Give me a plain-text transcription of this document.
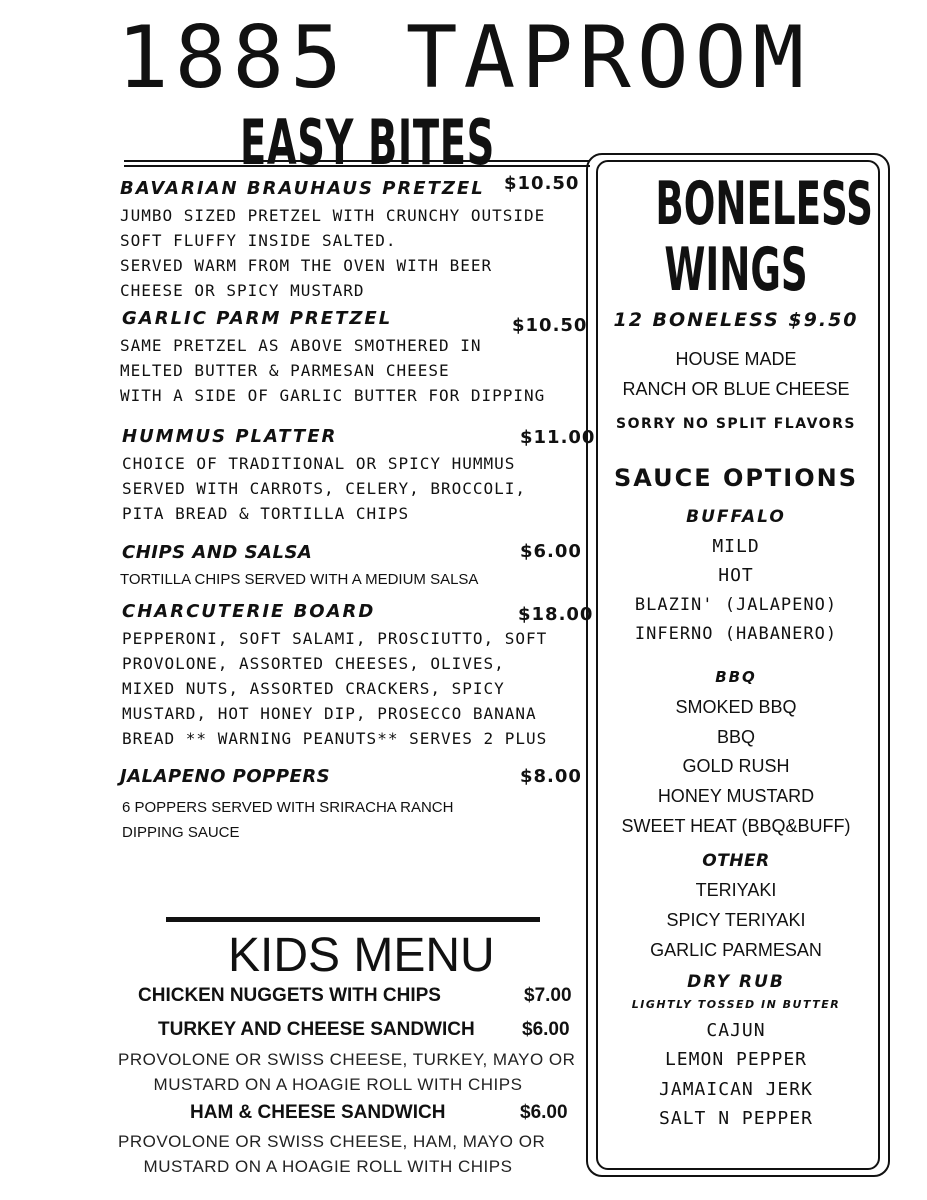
1885 TAPROOM
EASY BITES
BAVARIAN BRAUHAUS PRETZEL $10.50
JUMBO SIZED PRETZEL WITH CRUNCHY OUTSIDE
SOFT FLUFFY INSIDE SALTED.
SERVED WARM FROM THE OVEN WITH BEER
CHEESE OR SPICY MUSTARD
GARLIC PARM PRETZEL	$10.50
SAME PRETZEL AS ABOVE SMOTHERED IN
MELTED BUTTER & PARMESAN CHEESE
WITH A SIDE OF GARLIC BUTTER FOR DIPPING
HUMMUS PLATTER	$11.00
CHOICE OF TRADITIONAL OR SPICY HUMMUS
SERVED WITH CARROTS, CELERY, BROCCOLI,
PITA BREAD & TORTILLA CHIPS
CHIPS AND SALSA	$6.00
TORTILLA CHIPS SERVED WITH A MEDIUM SALSA
CHARCUTERIE BOARD	$18.00
PEPPERONI, SOFT SALAMI, PROSCIUTTO, SOFT
PROVOLONE, ASSORTED CHEESES, OLIVES,
MIXED NUTS, ASSORTED CRACKERS, SPICY
MUSTARD, HOT HONEY DIP, PROSECCO BANANA
BREAD ** WARNING PEANUTS** SERVES 2 PLUS
JALAPENO POPPERS	$8.00
6 POPPERS SERVED WITH SRIRACHA RANCH
DIPPING SAUCE
KIDS MENU
CHICKEN NUGGETS WITH CHIPS	$7.00
TURKEY AND CHEESE SANDWICH $6.00
PROVOLONE OR SWISS CHEESE, TURKEY, MAYO OR
MUSTARD ON A HOAGIE ROLL WITH CHIPS
HAM & CHEESE SANDWICH	$6.00
PROVOLONE OR SWISS CHEESE, HAM, MAYO OR
MUSTARD ON A HOAGIE ROLL WITH CHIPS
BONELESS
WINGS
12 BONELESS $9.50
HOUSE MADE
RANCH OR BLUE CHEESE
SORRY NO SPLIT FLAVORS
SAUCE OPTIONS
BUFFALO
MILD
HOT
BLAZIN' (JALAPENO)
INFERNO (HABANERO)
BBQ
SMOKED BBQ
BBQ
GOLD RUSH
HONEY MUSTARD
SWEET HEAT (BBQ&BUFF)
OTHER
TERIYAKI
SPICY TERIYAKI
GARLIC PARMESAN
DRY RUB
LIGHTLY TOSSED IN BUTTER
CAJUN
LEMON PEPPER
JAMAICAN JERK
SALT N PEPPER
